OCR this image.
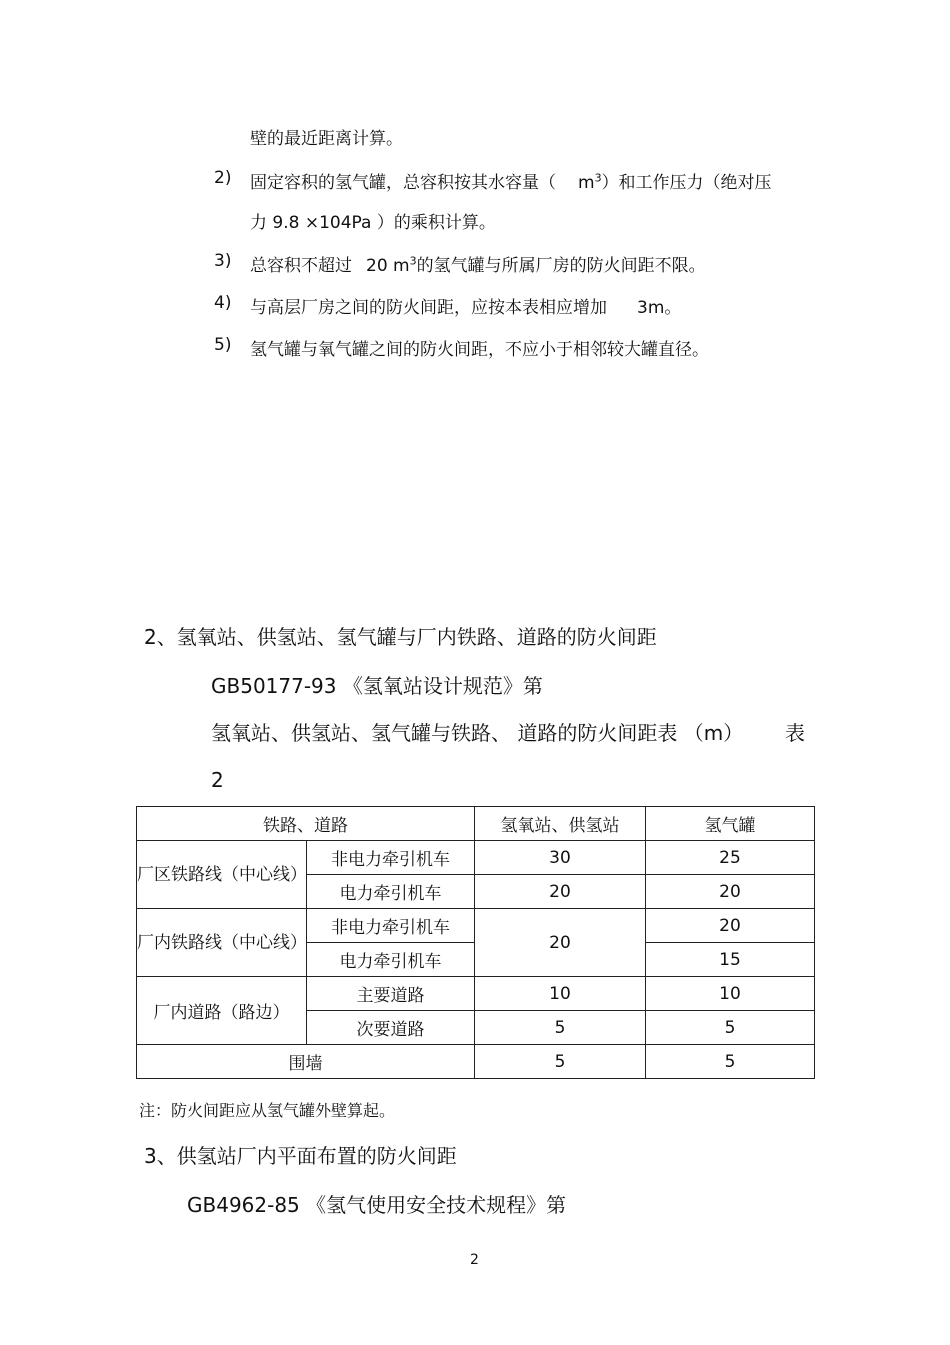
壁的最近距离计算。
2) 固定容积的氢气罐，总容积按其水容量（ $m^3$）和工作压力（绝对压
力 9.8 ×104Pa ）的乘积计算。
3) 总容积不超过 20 $m^3$的氢气罐与所属厂房的防火间距不限。
4) 与高层厂房之间的防火间距，应按本表相应增加 3m。
5) 氢气罐与氧气罐之间的防火间距，不应小于相邻较大罐直径。
2、氢氧站、供氢站、氢气罐与厂内铁路、道路的防火间距
GB50177-93 《氢氧站设计规范》第
氢氧站、供氢站、氢气罐与铁路、 道路的防火间距表 （m） 表
2
铁路、道路		氢氧站、供氢站	氢气罐
厂区铁路线（中心线）	非电力牵引机车	30	25
	电力牵引机车	20	20
厂内铁路线（中心线）	非电力牵引机车	20	20
	电力牵引机车		15
厂内道路（路边）	主要道路	10	10
	次要道路	5	5
围墙		5	5
注：防火间距应从氢气罐外壁算起。
3、供氢站厂内平面布置的防火间距
GB4962-85 《氢气使用安全技术规程》第
2
